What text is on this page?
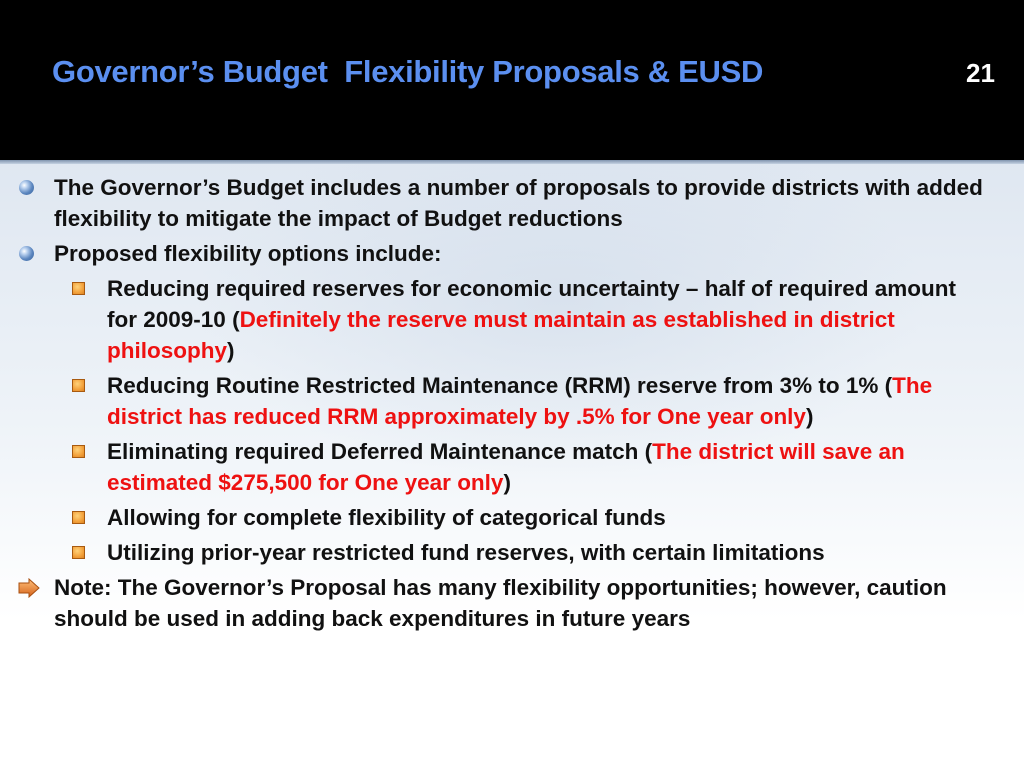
Governor’s Budget  Flexibility Proposals & EUSD	21
The Governor’s Budget includes a number of proposals to provide districts with added flexibility to mitigate the impact of Budget reductions
Proposed flexibility options include:
Reducing required reserves for economic uncertainty – half of required amount for 2009-10 (Definitely the reserve must maintain as established in district philosophy)
Reducing Routine Restricted Maintenance (RRM) reserve from 3% to 1% (The district has reduced RRM approximately by .5% for One year only)
Eliminating required Deferred Maintenance match (The district will save an estimated $275,500 for One year only)
Allowing for complete flexibility of categorical funds
Utilizing prior-year restricted fund reserves, with certain limitations
Note: The Governor’s Proposal has many flexibility opportunities; however, caution should be used in adding back expenditures in future years
